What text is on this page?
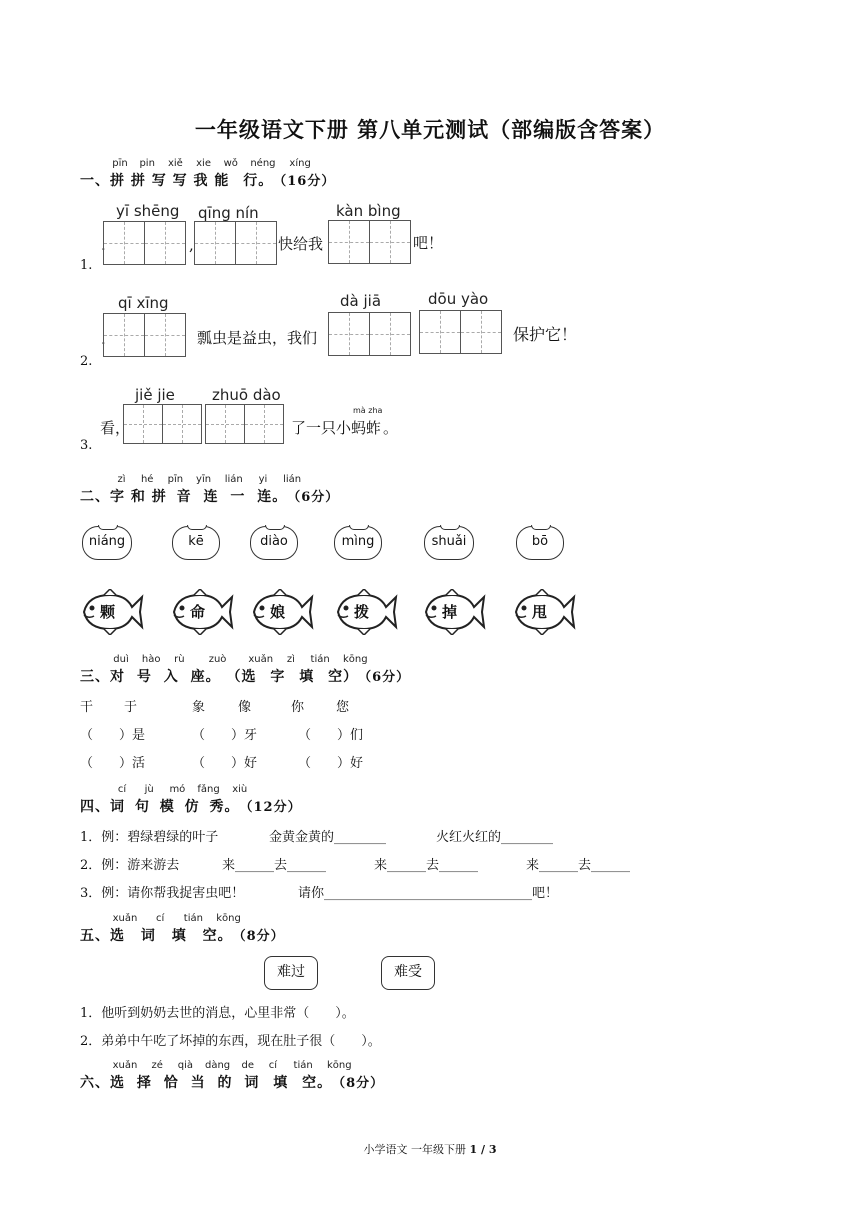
一年级语文下册 第八单元测试（部编版含答案）
pīn pin xiě xie wǒ néng xíng
一、拼 拼 写 写 我 能 行。（16分）
yī shēng qīng nín	kàn bìng
.	,	快给我	吧！
1.
qī xīng	dà jiā	dōu yào
.	瓢虫是益虫，我们	保护它！
2.
jiě jie zhuō dào
看，	了一只小
mà zha
蚂蚱 。
3.
zì hé pīn yīn lián yi lián
二、字 和 拼 音 连 一 连。（6分）
niáng	kē	diào	mìng	shuǎi	bō
颗	命	娘	拨	掉	甩
duì hào rù zuò xuǎn zì tián kōng
三、对 号 入 座。 （选 字 填 空）（6分）
干 于	象	像	你 您
（　　）是	（　　）牙	（　　）们
（　　）活	（　　）好	（　　）好
cí jù mó fǎng xiù
四、词 句 模 仿 秀。（12分）
1．例：碧绿碧绿的叶子	金黄金黄的________	火红火红的________
2．例：游来游去	来______去______	来______去______	来______去______
3．例：请你帮我捉害虫吧！	请你________________________________吧！
xuǎn cí tián kōng
五、选 词 填 空。（8分）
难过	难受
1．他听到奶奶去世的消息，心里非常（　　）。
2．弟弟中午吃了坏掉的东西，现在肚子很（　　）。
xuǎn zé qià dàng de cí tián kōng
六、选 择 恰 当 的 词 填 空。（8分）
小学语文 一年级下册 1 / 3
